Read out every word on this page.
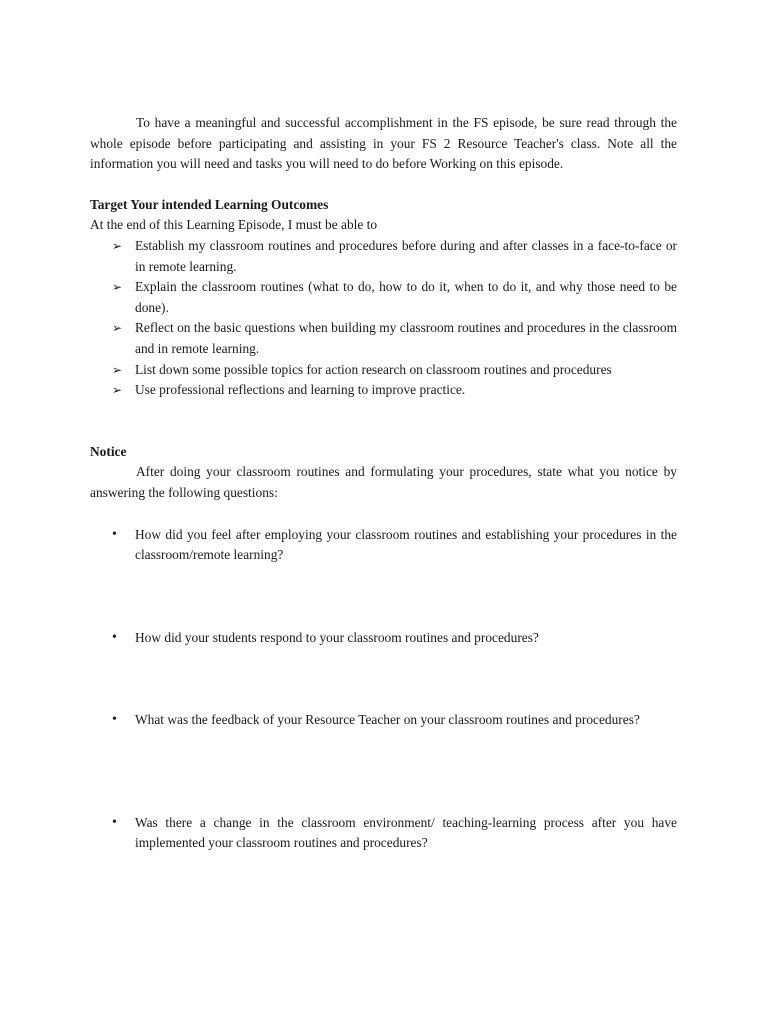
To have a meaningful and successful accomplishment in the FS episode, be sure read through the whole episode before participating and assisting in your FS 2 Resource Teacher's class. Note all the information you will need and tasks you will need to do before Working on this episode.

Target Your intended Learning Outcomes

At the end of this Learning Episode, I must be able to

➢ Establish my classroom routines and procedures before during and after classes in a face-to-face or in remote learning.
➢ Explain the classroom routines (what to do, how to do it, when to do it, and why those need to be done).
➢ Reflect on the basic questions when building my classroom routines and procedures in the classroom and in remote learning.
➢ List down some possible topics for action research on classroom routines and procedures
➢ Use professional reflections and learning to improve practice.

Notice

After doing your classroom routines and formulating your procedures, state what you notice by answering the following questions:

• How did you feel after employing your classroom routines and establishing your procedures in the classroom/remote learning?
• How did your students respond to your classroom routines and procedures?
• What was the feedback of your Resource Teacher on your classroom routines and procedures?
• Was there a change in the classroom environment/ teaching-learning process after you have implemented your classroom routines and procedures?
